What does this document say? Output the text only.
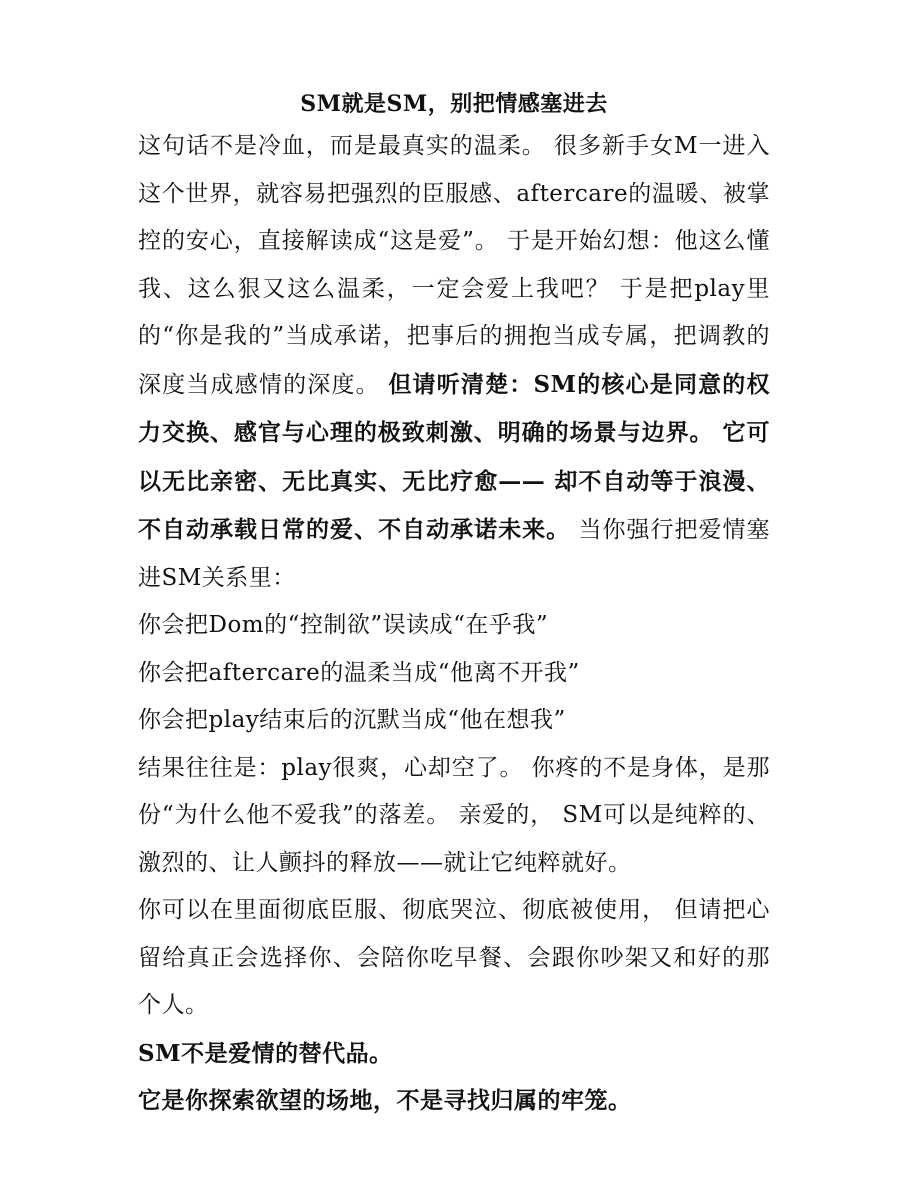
SM就是SM，别把情感塞进去

这句话不是冷血，而是最真实的温柔。 很多新手女M一进入这个世界，就容易把强烈的臣服感、aftercare的温暖、被掌控的安心，直接解读成“这是爱”。 于是开始幻想：他这么懂我、这么狠又这么温柔，一定会爱上我吧？ 于是把play里的“你是我的”当成承诺，把事后的拥抱当成专属，把调教的深度当成感情的深度。 但请听清楚：SM的核心是同意的权力交换、感官与心理的极致刺激、明确的场景与边界。 它可以无比亲密、无比真实、无比疗愈—— 却不自动等于浪漫、不自动承载日常的爱、不自动承诺未来。 当你强行把爱情塞进SM关系里：

你会把Dom的“控制欲”误读成“在乎我”

你会把aftercare的温柔当成“他离不开我”

你会把play结束后的沉默当成“他在想我”

结果往往是：play很爽，心却空了。 你疼的不是身体，是那份“为什么他不爱我”的落差。 亲爱的， SM可以是纯粹的、激烈的、让人颤抖的释放——就让它纯粹就好。

你可以在里面彻底臣服、彻底哭泣、彻底被使用， 但请把心留给真正会选择你、会陪你吃早餐、会跟你吵架又和好的那个人。

SM不是爱情的替代品。

它是你探索欲望的场地，不是寻找归属的牢笼。
